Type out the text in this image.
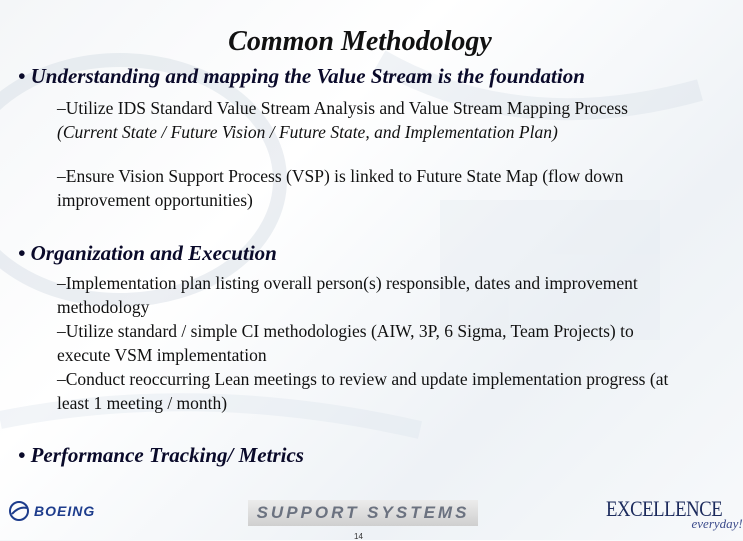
Common Methodology
• Understanding and mapping the Value Stream is the foundation
–Utilize IDS Standard Value Stream Analysis and Value Stream Mapping Process (Current State / Future Vision / Future State, and Implementation Plan)
–Ensure Vision Support Process (VSP) is linked to Future State Map (flow down improvement opportunities)
• Organization and Execution
–Implementation plan listing overall person(s) responsible, dates and improvement methodology
–Utilize standard / simple CI methodologies (AIW, 3P, 6 Sigma, Team Projects) to execute VSM implementation
–Conduct reoccurring Lean meetings to review and update implementation progress (at least 1 meeting / month)
• Performance Tracking/ Metrics
BOEING	SUPPORT SYSTEMS	EXCELLENCE
everyday!
14
